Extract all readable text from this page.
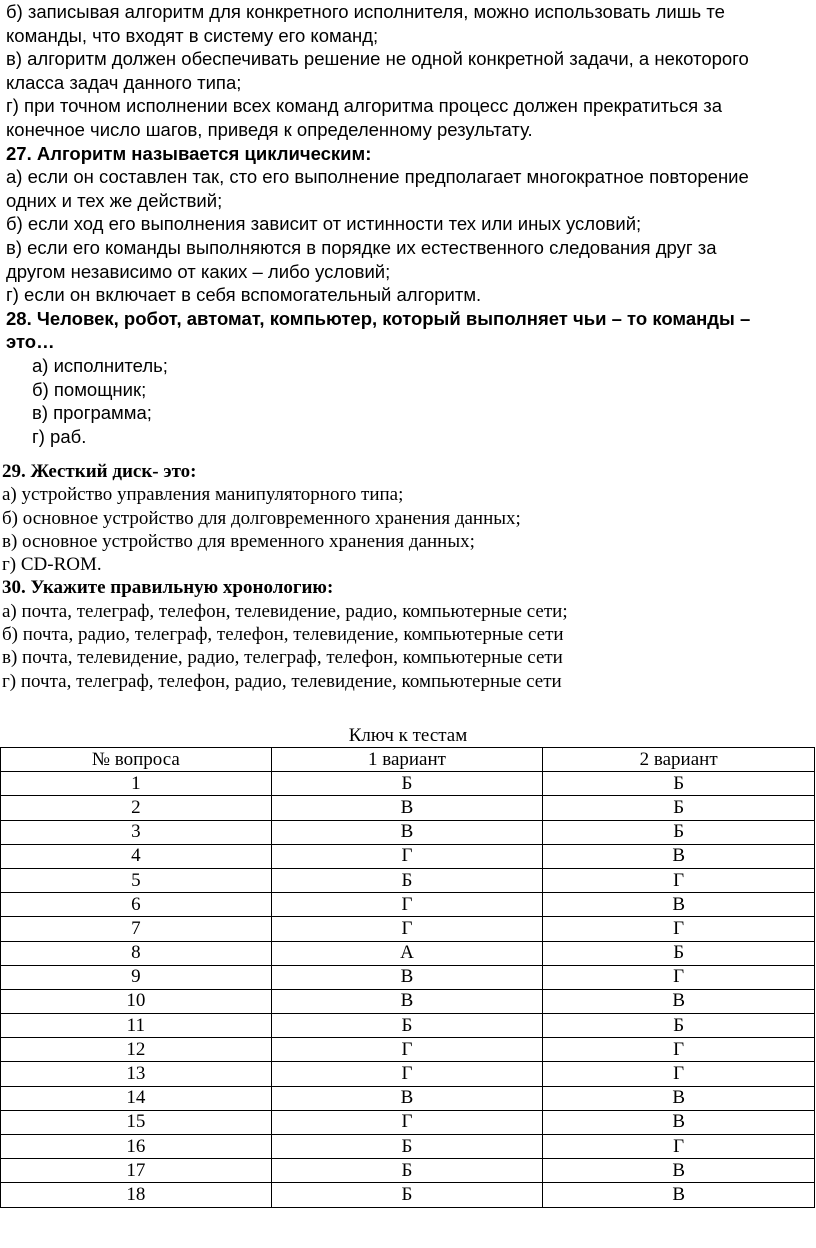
б) записывая алгоритм для конкретного исполнителя, можно использовать лишь те
команды, что входят в систему его команд;
в) алгоритм должен обеспечивать решение не одной конкретной задачи, а некоторого
класса задач данного типа;
г) при точном исполнении всех команд алгоритма процесс должен прекратиться за
конечное число шагов, приведя к определенному результату.
27. Алгоритм называется циклическим:
а) если он составлен так, сто его выполнение предполагает многократное повторение
одних и тех же действий;
б) если ход его выполнения зависит от истинности тех или иных условий;
в) если его команды выполняются в порядке их естественного следования друг за
другом независимо от каких – либо условий;
г) если он включает в себя вспомогательный алгоритм.
28. Человек, робот, автомат, компьютер, который выполняет чьи – то команды –
это…
а) исполнитель;
б) помощник;
в) программа;
г) раб.
29. Жесткий диск- это:
а) устройство управления манипуляторного типа;
б) основное устройство для долговременного хранения данных;
в) основное устройство для временного хранения данных;
г) CD-ROM.
30. Укажите правильную хронологию:
а) почта, телеграф, телефон, телевидение, радио, компьютерные сети;
б) почта, радио, телеграф, телефон, телевидение, компьютерные сети
в) почта, телевидение, радио, телеграф, телефон, компьютерные сети
г) почта, телеграф, телефон, радио, телевидение, компьютерные сети
Ключ к тестам
№ вопроса	1 вариант	2 вариант
1	Б	Б
2	В	Б
3	В	Б
4	Г	В
5	Б	Г
6	Г	В
7	Г	Г
8	А	Б
9	В	Г
10	В	В
11	Б	Б
12	Г	Г
13	Г	Г
14	В	В
15	Г	В
16	Б	Г
17	Б	В
18	Б	В
